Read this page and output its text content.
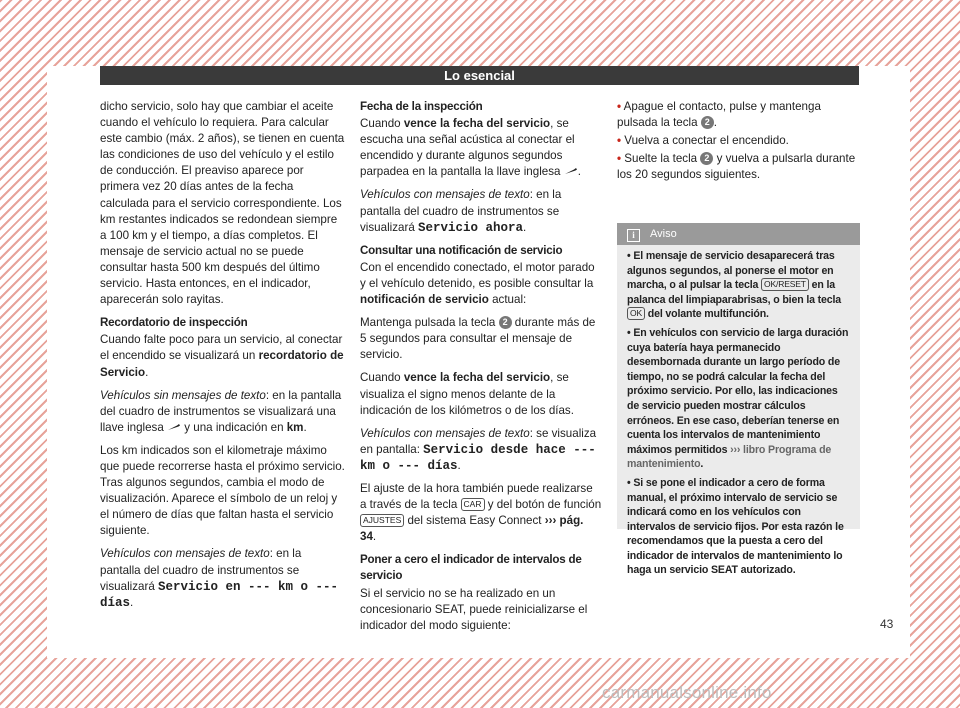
Lo esencial

dicho servicio, solo hay que cambiar el aceite cuando el vehículo lo requiera. Para calcular este cambio (máx. 2 años), se tienen en cuenta las condiciones de uso del vehículo y el estilo de conducción. El preaviso aparece por primera vez 20 días antes de la fecha calculada para el servicio correspondiente. Los km restantes indicados se redondean siempre a 100 km y el tiempo, a días completos. El mensaje de servicio actual no se puede consultar hasta 500 km después del último servicio. Hasta entonces, en el indicador, aparecerán solo rayitas.

Recordatorio de inspección

Cuando falte poco para un servicio, al conectar el encendido se visualizará un recordatorio de Servicio.

Vehículos sin mensajes de texto: en la pantalla del cuadro de instrumentos se visualizará una llave inglesa  y una indicación en km.

Los km indicados son el kilometraje máximo que puede recorrerse hasta el próximo servicio. Tras algunos segundos, cambia el modo de visualización. Aparece el símbolo de un reloj y el número de días que faltan hasta el servicio siguiente.

Vehículos con mensajes de texto: en la pantalla del cuadro de instrumentos se visualizará Servicio en --- km o --- días.

Fecha de la inspección

Cuando vence la fecha del servicio, se escucha una señal acústica al conectar el encendido y durante algunos segundos parpadea en la pantalla la llave inglesa .

Vehículos con mensajes de texto: en la pantalla del cuadro de instrumentos se visualizará Servicio ahora.

Consultar una notificación de servicio

Con el encendido conectado, el motor parado y el vehículo detenido, es posible consultar la notificación de servicio actual:

Mantenga pulsada la tecla 2 durante más de 5 segundos para consultar el mensaje de servicio.

Cuando vence la fecha del servicio, se visualiza el signo menos delante de la indicación de los kilómetros o de los días.

Vehículos con mensajes de texto: se visualiza en pantalla: Servicio desde hace --- km o --- días.

El ajuste de la hora también puede realizarse a través de la tecla CAR y del botón de función AJUSTES del sistema Easy Connect ››› pág. 34.

Poner a cero el indicador de intervalos de servicio

Si el servicio no se ha realizado en un concesionario SEAT, puede reinicializarse el indicador del modo siguiente:

• Apague el contacto, pulse y mantenga pulsada la tecla 2 .

• Vuelva a conectar el encendido.

• Suelte la tecla 2 y vuelva a pulsarla durante los 20 segundos siguientes.

i Aviso

• El mensaje de servicio desaparecerá tras algunos segundos, al ponerse el motor en marcha, o al pulsar la tecla OK/RESET en la palanca del limpiaparabrisas, o bien la tecla OK del volante multifunción.

• En vehículos con servicio de larga duración cuya batería haya permanecido desembornada durante un largo período de tiempo, no se podrá calcular la fecha del próximo servicio. Por ello, las indicaciones de servicio pueden mostrar cálculos erróneos. En ese caso, deberían tenerse en cuenta los intervalos de mantenimiento máximos permitidos ››› libro Programa de mantenimiento.

• Si se pone el indicador a cero de forma manual, el próximo intervalo de servicio se indicará como en los vehículos con intervalos de servicio fijos. Por esta razón le recomendamos que la puesta a cero del indicador de intervalos de mantenimiento lo haga un servicio SEAT autorizado.

43
carmanualsonline.info
